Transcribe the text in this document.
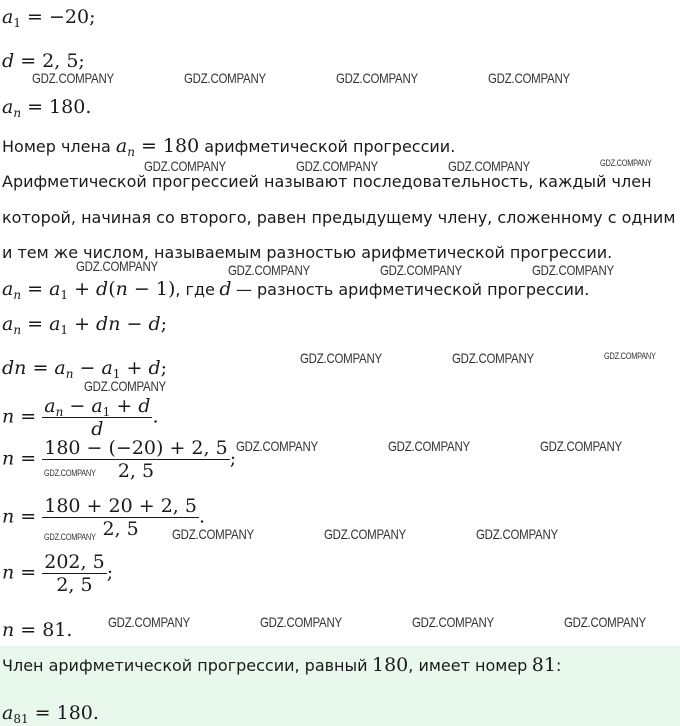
$a_1 = -20$;
d = 2, 5;
$a_n = 180$.
Номер члена $a_n = 180$ арифметической прогрессии.
Арифметической прогрессией называют последовательность, каждый член
которой, начиная со второго, равен предыдущему члену, сложенному с одним
и тем же числом, называемым разностью арифметической прогрессии.
$a_n = a_1 + d(n - 1)$, где d — разность арифметической прогрессии.
$a_n = a_1$ + dn − d;
dn = $a_n - a_1 + d$;
$n = \frac{a_n - a_1 + d}{d}$ .
$n = \frac{180 - (-20) + 2, 5}{2, 5}$ ;
$n = \frac{180 + 20 + 2, 5}{2, 5}$ .
$n = \frac{202, 5}{2, 5}$ ;
n = 81.
Член арифметической прогрессии, равный 180, имеет номер 81:
$a_{81} = 180$.
GDZ.COMPANY	GDZ.COMPANY	GDZ.COMPANY	GDZ.COMPANY
GDZ.COMPANY	GDZ.COMPANY	GDZ.COMPANY	GDZ.COMPANY
GDZ.COMPANY	GDZ.COMPANY	GDZ.COMPANY	GDZ.COMPANY
GDZ.COMPANY	GDZ.COMPANY	GDZ.COMPANY
GDZ.COMPANY
GDZ.COMPANY	GDZ.COMPANY	GDZ.COMPANY
GDZ.COMPANY
GDZ.COMPANY	GDZ.COMPANY	GDZ.COMPANY	GDZ.COMPANY
GDZ.COMPANY	GDZ.COMPANY	GDZ.COMPANY	GDZ.COMPANY
